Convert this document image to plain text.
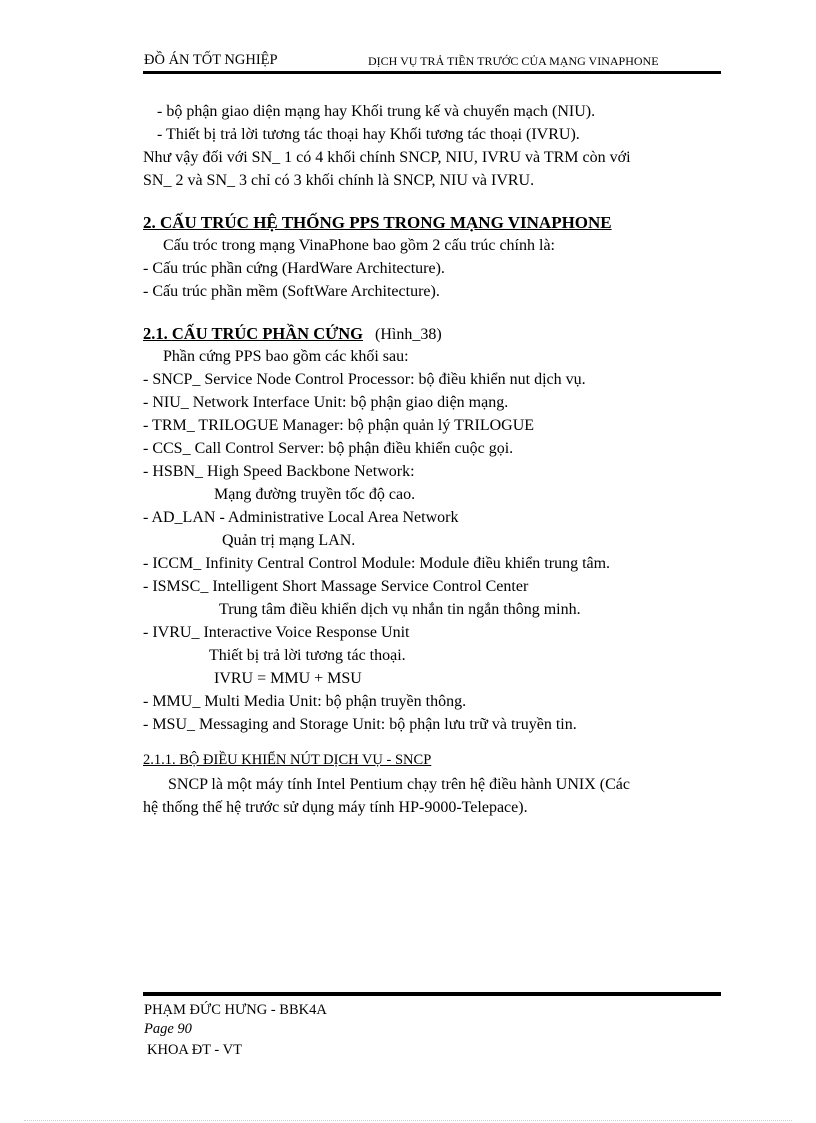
ĐỒ ÁN TỐT NGHIỆP	DỊCH VỤ TRẢ TIỀN TRƯỚC CỦA MẠNG VINAPHONE
- bộ phận giao diện mạng hay Khối trung kế và chuyển mạch (NIU).
- Thiết bị trả lời tương tác thoại hay Khối tương tác thoại (IVRU).
Như vậy đối với SN_ 1 có 4 khối chính SNCP, NIU, IVRU và TRM còn với
SN_ 2 và SN_ 3 chỉ có 3 khối chính là SNCP, NIU và IVRU.
2. CẤU TRÚC HỆ THỐNG PPS TRONG MẠNG VINAPHONE
Cấu tróc trong mạng VinaPhone bao gồm 2 cấu trúc chính là:
- Cấu trúc phần cứng (HardWare Architecture).
- Cấu trúc phần mềm (SoftWare Architecture).
2.1. CẤU TRÚC PHẦN CỨNG (Hình_38)
Phần cứng PPS bao gồm các khối sau:
- SNCP_ Service Node Control Processor: bộ điều khiển nut dịch vụ.
- NIU_ Network Interface Unit: bộ phận giao diện mạng.
- TRM_ TRILOGUE Manager: bộ phận quản lý TRILOGUE
- CCS_ Call Control Server: bộ phận điều khiển cuộc gọi.
- HSBN_ High Speed Backbone Network:
Mạng đường truyền tốc độ cao.
- AD_LAN - Administrative Local Area Network
Quản trị mạng LAN.
- ICCM_ Infinity Central Control Module: Module điều khiển trung tâm.
- ISMSC_ Intelligent Short Massage Service Control Center
Trung tâm điều khiển dịch vụ nhắn tin ngắn thông minh.
- IVRU_ Interactive Voice Response Unit
Thiết bị trả lời tương tác thoại.
IVRU = MMU + MSU
- MMU_ Multi Media Unit: bộ phận truyền thông.
- MSU_ Messaging and Storage Unit: bộ phận lưu trữ và truyền tin.
2.1.1. BỘ ĐIỀU KHIỂN NÚT DỊCH VỤ - SNCP
SNCP là một máy tính Intel Pentium chạy trên hệ điều hành UNIX (Các
hệ thống thế hệ trước sử dụng máy tính HP-9000-Telepace).
PHẠM ĐỨC HƯNG - BBK4A
Page 90
KHOA ĐT - VT
